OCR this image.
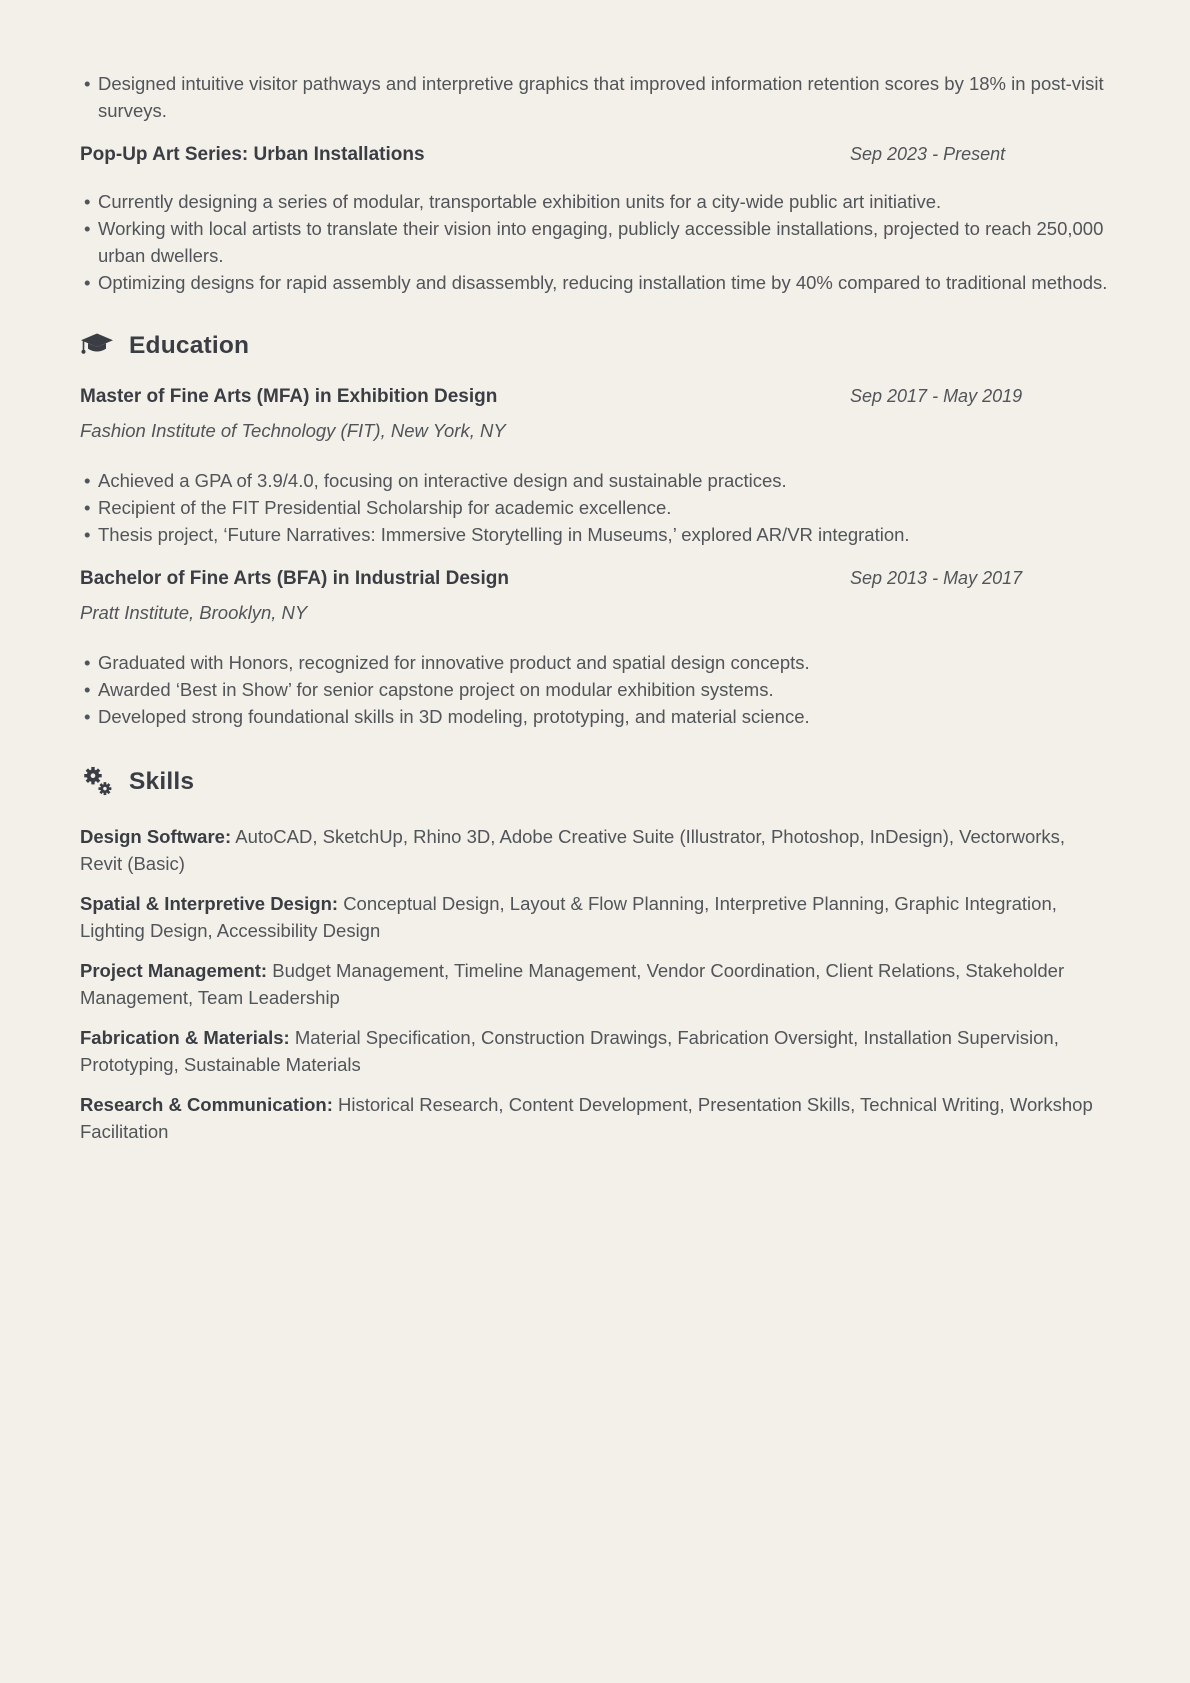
• Designed intuitive visitor pathways and interpretive graphics that improved information retention scores by 18% in post-visit surveys.
Pop-Up Art Series: Urban Installations	Sep 2023 - Present
• Currently designing a series of modular, transportable exhibition units for a city-wide public art initiative.
• Working with local artists to translate their vision into engaging, publicly accessible installations, projected to reach 250,000 urban dwellers.
• Optimizing designs for rapid assembly and disassembly, reducing installation time by 40% compared to traditional methods.
Education
Master of Fine Arts (MFA) in Exhibition Design	Sep 2017 - May 2019
Fashion Institute of Technology (FIT), New York, NY
• Achieved a GPA of 3.9/4.0, focusing on interactive design and sustainable practices.
• Recipient of the FIT Presidential Scholarship for academic excellence.
• Thesis project, ‘Future Narratives: Immersive Storytelling in Museums,’ explored AR/VR integration.
Bachelor of Fine Arts (BFA) in Industrial Design	Sep 2013 - May 2017
Pratt Institute, Brooklyn, NY
• Graduated with Honors, recognized for innovative product and spatial design concepts.
• Awarded ‘Best in Show’ for senior capstone project on modular exhibition systems.
• Developed strong foundational skills in 3D modeling, prototyping, and material science.
Skills

Design Software: AutoCAD, SketchUp, Rhino 3D, Adobe Creative Suite (Illustrator, Photoshop, InDesign), Vectorworks, Revit (Basic)

Spatial & Interpretive Design: Conceptual Design, Layout & Flow Planning, Interpretive Planning, Graphic Integration, Lighting Design, Accessibility Design

Project Management: Budget Management, Timeline Management, Vendor Coordination, Client Relations, Stakeholder Management, Team Leadership

Fabrication & Materials: Material Specification, Construction Drawings, Fabrication Oversight, Installation Supervision, Prototyping, Sustainable Materials

Research & Communication: Historical Research, Content Development, Presentation Skills, Technical Writing, Workshop Facilitation
